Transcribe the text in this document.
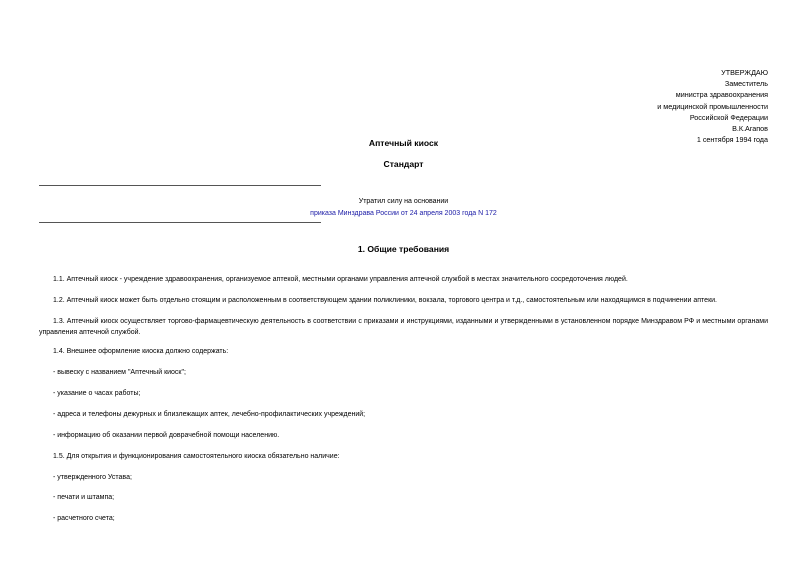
УТВЕРЖДАЮ
Заместитель
министра здравоохранения
и медицинской промышленности
Российской Федерации
В.К.Агапов
1 сентября 1994 года
Аптечный киоск
Стандарт
Утратил силу на основании
приказа Минздрава России от 24 апреля 2003 года N 172
1. Общие требования
1.1. Аптечный киоск - учреждение здравоохранения, организуемое аптекой, местными органами управления аптечной службой в местах значительного сосредоточения людей.
1.2. Аптечный киоск может быть отдельно стоящим и расположенным в соответствующем здании поликлиники, вокзала, торгового центра и т.д., самостоятельным или находящимся в подчинении аптеки.
1.3. Аптечный киоск осуществляет торгово-фармацевтическую деятельность в соответствии с приказами и инструкциями, изданными и утвержденными в установленном порядке Минздравом РФ и местными органами управления аптечной службой.
1.4. Внешнее оформление киоска должно содержать:
- вывеску с названием "Аптечный киоск";
- указание о часах работы;
- адреса и телефоны дежурных и близлежащих аптек, лечебно-профилактических учреждений;
- информацию об оказании первой доврачебной помощи населению.
1.5. Для открытия и функционирования самостоятельного киоска обязательно наличие:
- утвержденного Устава;
- печати и штампа;
- расчетного счета;
